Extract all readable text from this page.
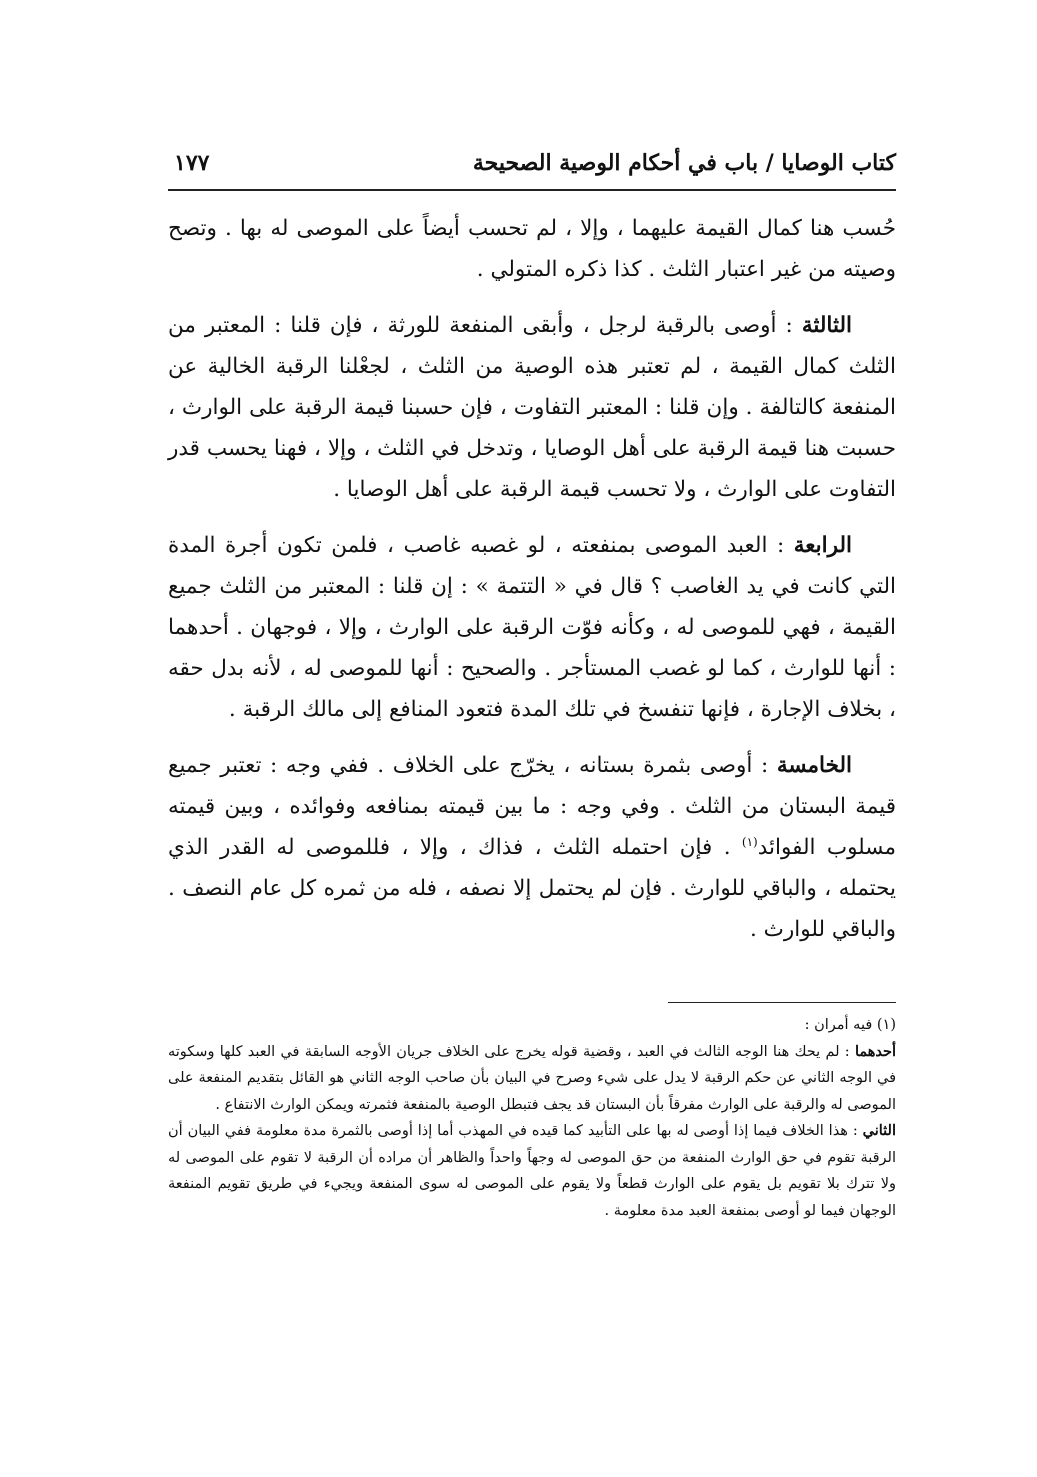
كتاب الوصايا / باب في أحكام الوصية الصحيحة
١٧٧

حُسب هنا كمال القيمة عليهما ، وإلا ، لم تحسب أيضاً على الموصى له بها . وتصح وصيته من غير اعتبار الثلث . كذا ذكره المتولي .

الثالثة : أوصى بالرقبة لرجل ، وأبقى المنفعة للورثة ، فإن قلنا : المعتبر من الثلث كمال القيمة ، لم تعتبر هذه الوصية من الثلث ، لجعْلنا الرقبة الخالية عن المنفعة كالتالفة . وإن قلنا : المعتبر التفاوت ، فإن حسبنا قيمة الرقبة على الوارث ، حسبت هنا قيمة الرقبة على أهل الوصايا ، وتدخل في الثلث ، وإلا ، فهنا يحسب قدر التفاوت على الوارث ، ولا تحسب قيمة الرقبة على أهل الوصايا .

الرابعة : العبد الموصى بمنفعته ، لو غصبه غاصب ، فلمن تكون أجرة المدة التي كانت في يد الغاصب ؟ قال في « التتمة » : إن قلنا : المعتبر من الثلث جميع القيمة ، فهي للموصى له ، وكأنه فوّت الرقبة على الوارث ، وإلا ، فوجهان . أحدهما : أنها للوارث ، كما لو غصب المستأجر . والصحيح : أنها للموصى له ، لأنه بدل حقه ، بخلاف الإجارة ، فإنها تنفسخ في تلك المدة فتعود المنافع إلى مالك الرقبة .

الخامسة : أوصى بثمرة بستانه ، يخرّج على الخلاف . ففي وجه : تعتبر جميع قيمة البستان من الثلث . وفي وجه : ما بين قيمته بمنافعه وفوائده ، وبين قيمته مسلوب الفوائد$^{(١)}$ . فإن احتمله الثلث ، فذاك ، وإلا ، فللموصى له القدر الذي يحتمله ، والباقي للوارث . فإن لم يحتمل إلا نصفه ، فله من ثمره كل عام النصف . والباقي للوارث .

(١) فيه أمران :

أحدهما : لم يحك هنا الوجه الثالث في العبد ، وقضية قوله يخرج على الخلاف جريان الأوجه السابقة في العبد كلها وسكوته في الوجه الثاني عن حكم الرقبة لا يدل على شيء وصرح في البيان بأن صاحب الوجه الثاني هو القائل بتقديم المنفعة على الموصى له والرقبة على الوارث مفرقاً بأن البستان قد يجف فتبطل الوصية بالمنفعة فثمرته ويمكن الوارث الانتفاع .

الثاني : هذا الخلاف فيما إذا أوصى له بها على التأبيد كما قيده في المهذب أما إذا أوصى بالثمرة مدة معلومة ففي البيان أن الرقبة تقوم في حق الوارث المنفعة من حق الموصى له وجهاً واحداً والظاهر أن مراده أن الرقبة لا تقوم على الموصى له ولا تترك بلا تقويم بل يقوم على الوارث قطعاً ولا يقوم على الموصى له سوى المنفعة ويجيء في طريق تقويم المنفعة الوجهان فيما لو أوصى بمنفعة العبد مدة معلومة .
